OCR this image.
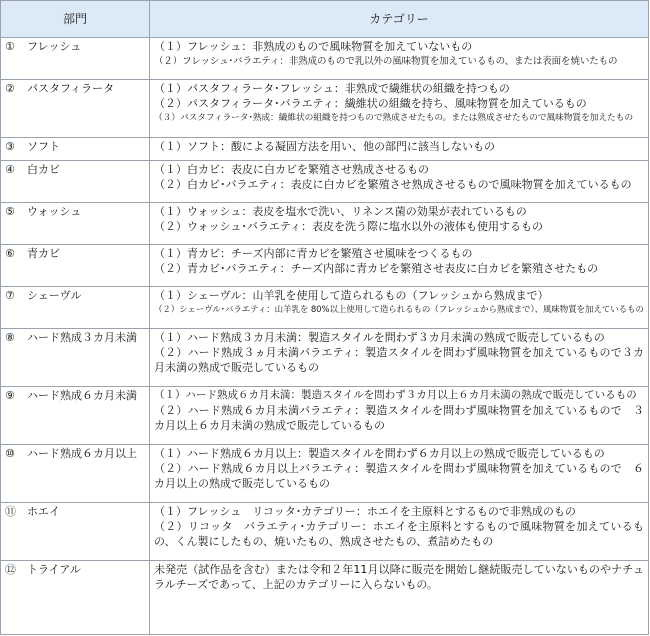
部門	カテゴリー

① フレッシュ	（１）フレッシュ：非熟成のもので風味物質を加えていないもの
（２）フレッシュ･バラエティ：非熟成のもので乳以外の風味物質を加えているもの、または表面を焼いたもの

② パスタフィラータ	（１）パスタフィラータ･フレッシュ：非熟成で繊維状の組織を持つもの
（２）パスタフィラータ･バラエティ：繊維状の組織を持ち、風味物質を加えているもの
（３）パスタフィラータ･熟成：繊維状の組織を持つもので熟成させたもの。または熟成させたもので風味物質を加えたもの

③ ソフト	（１）ソフト：酸による凝固方法を用い、他の部門に該当しないもの

④ 白カビ	（１）白カビ：表皮に白カビを繁殖させ熟成させるもの
（２）白カビ･バラエティ：表皮に白カビを繁殖させ熟成させるもので風味物質を加えているもの

⑤ ウォッシュ	（１）ウォッシュ：表皮を塩水で洗い、リネンス菌の効果が表れているもの
（２）ウォッシュ･バラエティ：表皮を洗う際に塩水以外の液体も使用するもの

⑥ 青カビ	（１）青カビ：チーズ内部に青カビを繁殖させ風味をつくるもの
（２）青カビ･バラエティ：チーズ内部に青カビを繁殖させ表皮に白カビを繁殖させたもの

⑦ シェーヴル	（１）シェーヴル：山羊乳を使用して造られるもの（フレッシュから熟成まで）
（２）シェーヴル･バラエティ：山羊乳を 80%以上使用して造られるもの（フレッシュから熟成まで）、風味物質を加えているもの

⑧ ハード熟成３カ月未満	（１）ハード熟成３カ月未満：製造スタイルを問わず３カ月未満の熟成で販売しているもの
（２）ハード熟成３ヵ月未満バラエティ：製造スタイルを問わず風味物質を加えているもので３カ月未満の熟成で販売しているもの

⑨ ハード熟成６カ月未満	（１）ハード熟成６カ月未満：製造スタイルを問わず３カ月以上６カ月未満の熟成で販売しているもの
（２）ハード熟成６カ月未満バラエティ：製造スタイルを問わず風味物質を加えているもので　３カ月以上６カ月未満の熟成で販売しているもの

⑩ ハード熟成６カ月以上	（１）ハード熟成６カ月以上：製造スタイルを問わず６カ月以上の熟成で販売しているもの
（２）ハード熟成６カ月以上バラエティ：製造スタイルを問わず風味物質を加えているもので　６カ月以上の熟成で販売しているもの

⑪ ホエイ	（１）フレッシュ　リコッタ･カテゴリー：ホエイを主原料とするもので非熟成のもの
（２）リコッタ　バラエティ･カテゴリー：ホエイを主原料とするもので風味物質を加えているもの、くん製にしたもの、焼いたもの、熟成させたもの、煮詰めたもの

⑫ トライアル	未発売（試作品を含む）または令和２年11月以降に販売を開始し継続販売していないものやナチュラルチーズであって、上記のカテゴリーに入らないもの。
